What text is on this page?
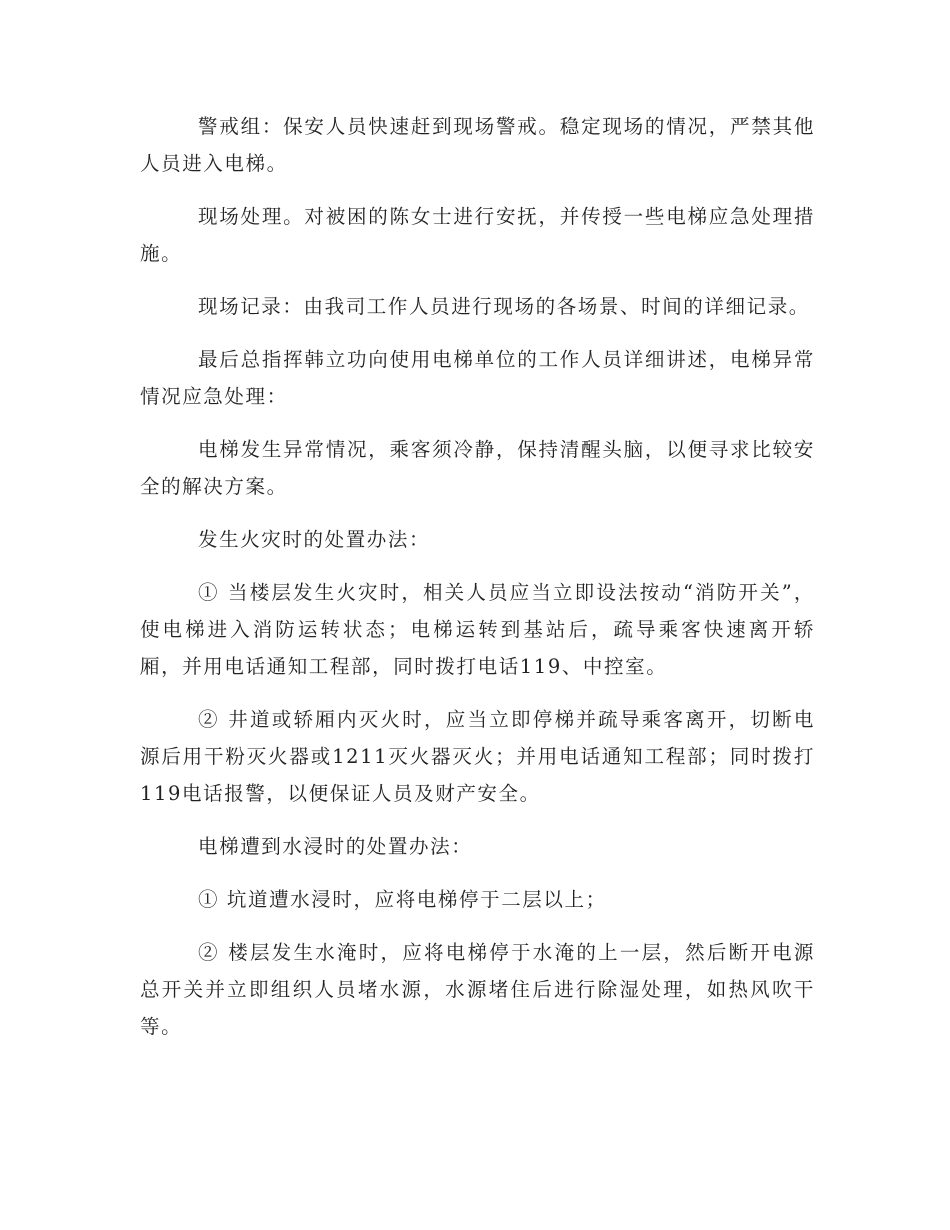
警戒组：保安人员快速赶到现场警戒。稳定现场的情况，严禁其他人员进入电梯。

现场处理。对被困的陈女士进行安抚，并传授一些电梯应急处理措施。

现场记录：由我司工作人员进行现场的各场景、时间的详细记录。

最后总指挥韩立功向使用电梯单位的工作人员详细讲述，电梯异常情况应急处理：

电梯发生异常情况，乘客须冷静，保持清醒头脑，以便寻求比较安全的解决方案。

发生火灾时的处置办法：

① 当楼层发生火灾时，相关人员应当立即设法按动“消防开关”，使电梯进入消防运转状态；电梯运转到基站后，疏导乘客快速离开轿厢，并用电话通知工程部，同时拨打电话119、中控室。

② 井道或轿厢内灭火时，应当立即停梯并疏导乘客离开，切断电源后用干粉灭火器或1211灭火器灭火；并用电话通知工程部；同时拨打119电话报警，以便保证人员及财产安全。

电梯遭到水浸时的处置办法：

① 坑道遭水浸时，应将电梯停于二层以上；

② 楼层发生水淹时，应将电梯停于水淹的上一层，然后断开电源总开关并立即组织人员堵水源，水源堵住后进行除湿处理，如热风吹干等。
